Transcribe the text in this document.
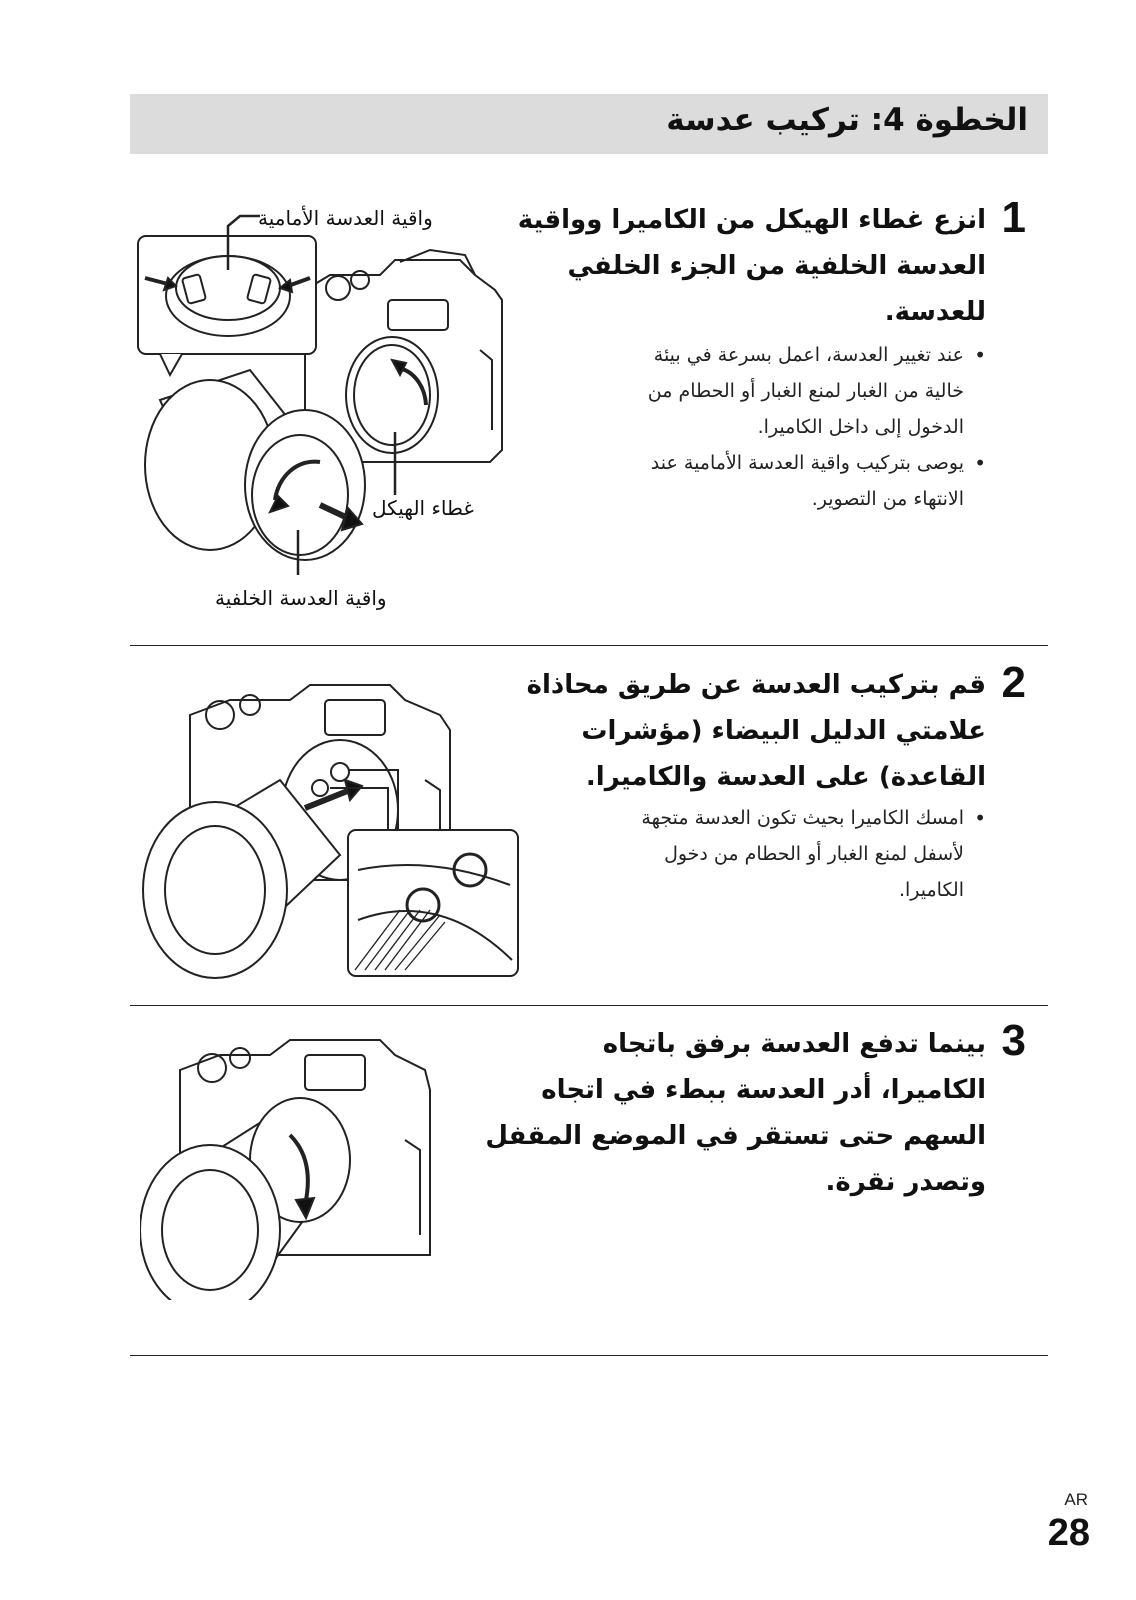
الخطوة 4: تركيب عدسة
1
انزع غطاء الهيكل من الكاميرا وواقية
العدسة الخلفية من الجزء الخلفي
للعدسة.
• عند تغيير العدسة، اعمل بسرعة في بيئة
خالية من الغبار لمنع الغبار أو الحطام من
الدخول إلى داخل الكاميرا.
• يوصى بتركيب واقية العدسة الأمامية عند
الانتهاء من التصوير.
واقية العدسة الأمامية
غطاء الهيكل
واقية العدسة الخلفية
2
قم بتركيب العدسة عن طريق محاذاة
علامتي الدليل البيضاء (مؤشرات
القاعدة) على العدسة والكاميرا.
• امسك الكاميرا بحيث تكون العدسة متجهة
لأسفل لمنع الغبار أو الحطام من دخول
الكاميرا.
3
بينما تدفع العدسة برفق باتجاه
الكاميرا، أدر العدسة ببطء في اتجاه
السهم حتى تستقر في الموضع المقفل
وتصدر نقرة.
AR
28
